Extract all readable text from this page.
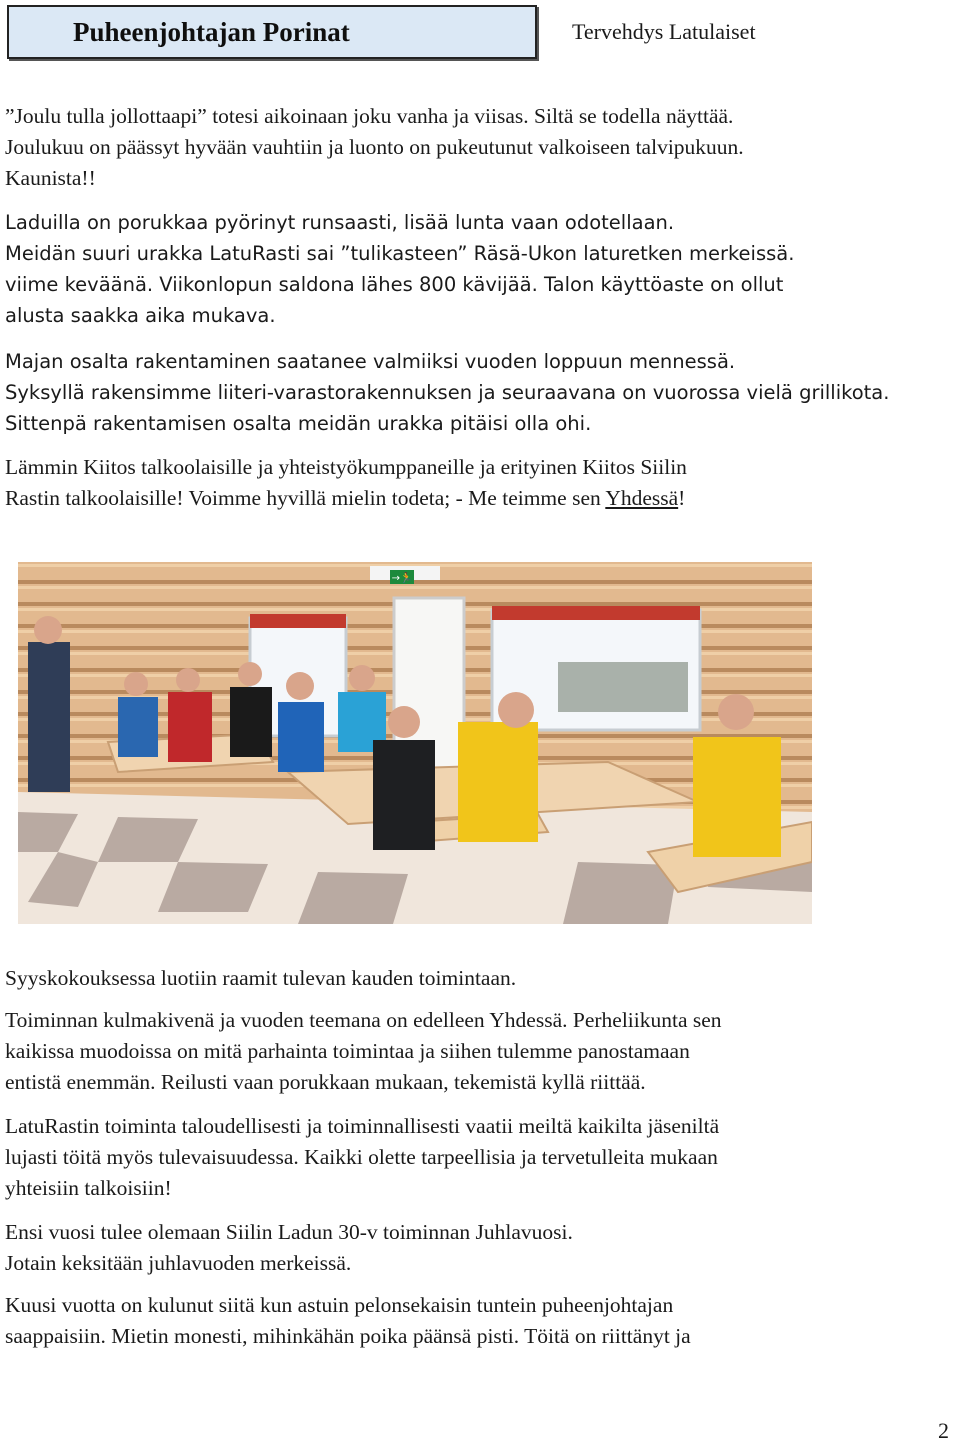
Puheenjohtajan Porinat	Tervehdys Latulaiset
”Joulu tulla jollottaapi” totesi aikoinaan joku vanha ja viisas. Siltä se todella näyttää.
Joulukuu on päässyt hyvään vauhtiin ja luonto on pukeutunut valkoiseen talvipukuun.
Kaunista!!
Laduilla on porukkaa pyörinyt runsaasti, lisää lunta vaan odotellaan.
Meidän suuri urakka LatuRasti sai ”tulikasteen” Räsä-Ukon laturetken merkeissä.
viime keväänä. Viikonlopun saldona lähes 800 kävijää. Talon käyttöaste on ollut
alusta saakka aika mukava.
Majan osalta rakentaminen saatanee valmiiksi vuoden loppuun mennessä.
Syksyllä rakensimme liiteri-varastorakennuksen ja seuraavana on vuorossa vielä grillikota.
Sittenpä rakentamisen osalta meidän urakka pitäisi olla ohi.
Lämmin Kiitos talkoolaisille ja yhteistyökumppaneille ja erityinen Kiitos Siilin
Rastin talkoolaisille! Voimme hyvillä mielin todeta; - Me teimme sen Yhdessä!
→🏃
Syyskokouksessa luotiin raamit tulevan kauden toimintaan.
Toiminnan kulmakivenä ja vuoden teemana on edelleen Yhdessä. Perheliikunta sen
kaikissa muodoissa on mitä parhainta toimintaa ja siihen tulemme panostamaan
entistä enemmän. Reilusti vaan porukkaan mukaan, tekemistä kyllä riittää.
LatuRastin toiminta taloudellisesti ja toiminnallisesti vaatii meiltä kaikilta jäseniltä
lujasti töitä myös tulevaisuudessa. Kaikki olette tarpeellisia ja tervetulleita mukaan
yhteisiin talkoisiin!
Ensi vuosi tulee olemaan Siilin Ladun 30-v toiminnan Juhlavuosi.
Jotain keksitään juhlavuoden merkeissä.
Kuusi vuotta on kulunut siitä kun astuin pelonsekaisin tuntein puheenjohtajan
saappaisiin. Mietin monesti, mihinkähän poika päänsä pisti. Töitä on riittänyt ja
2
